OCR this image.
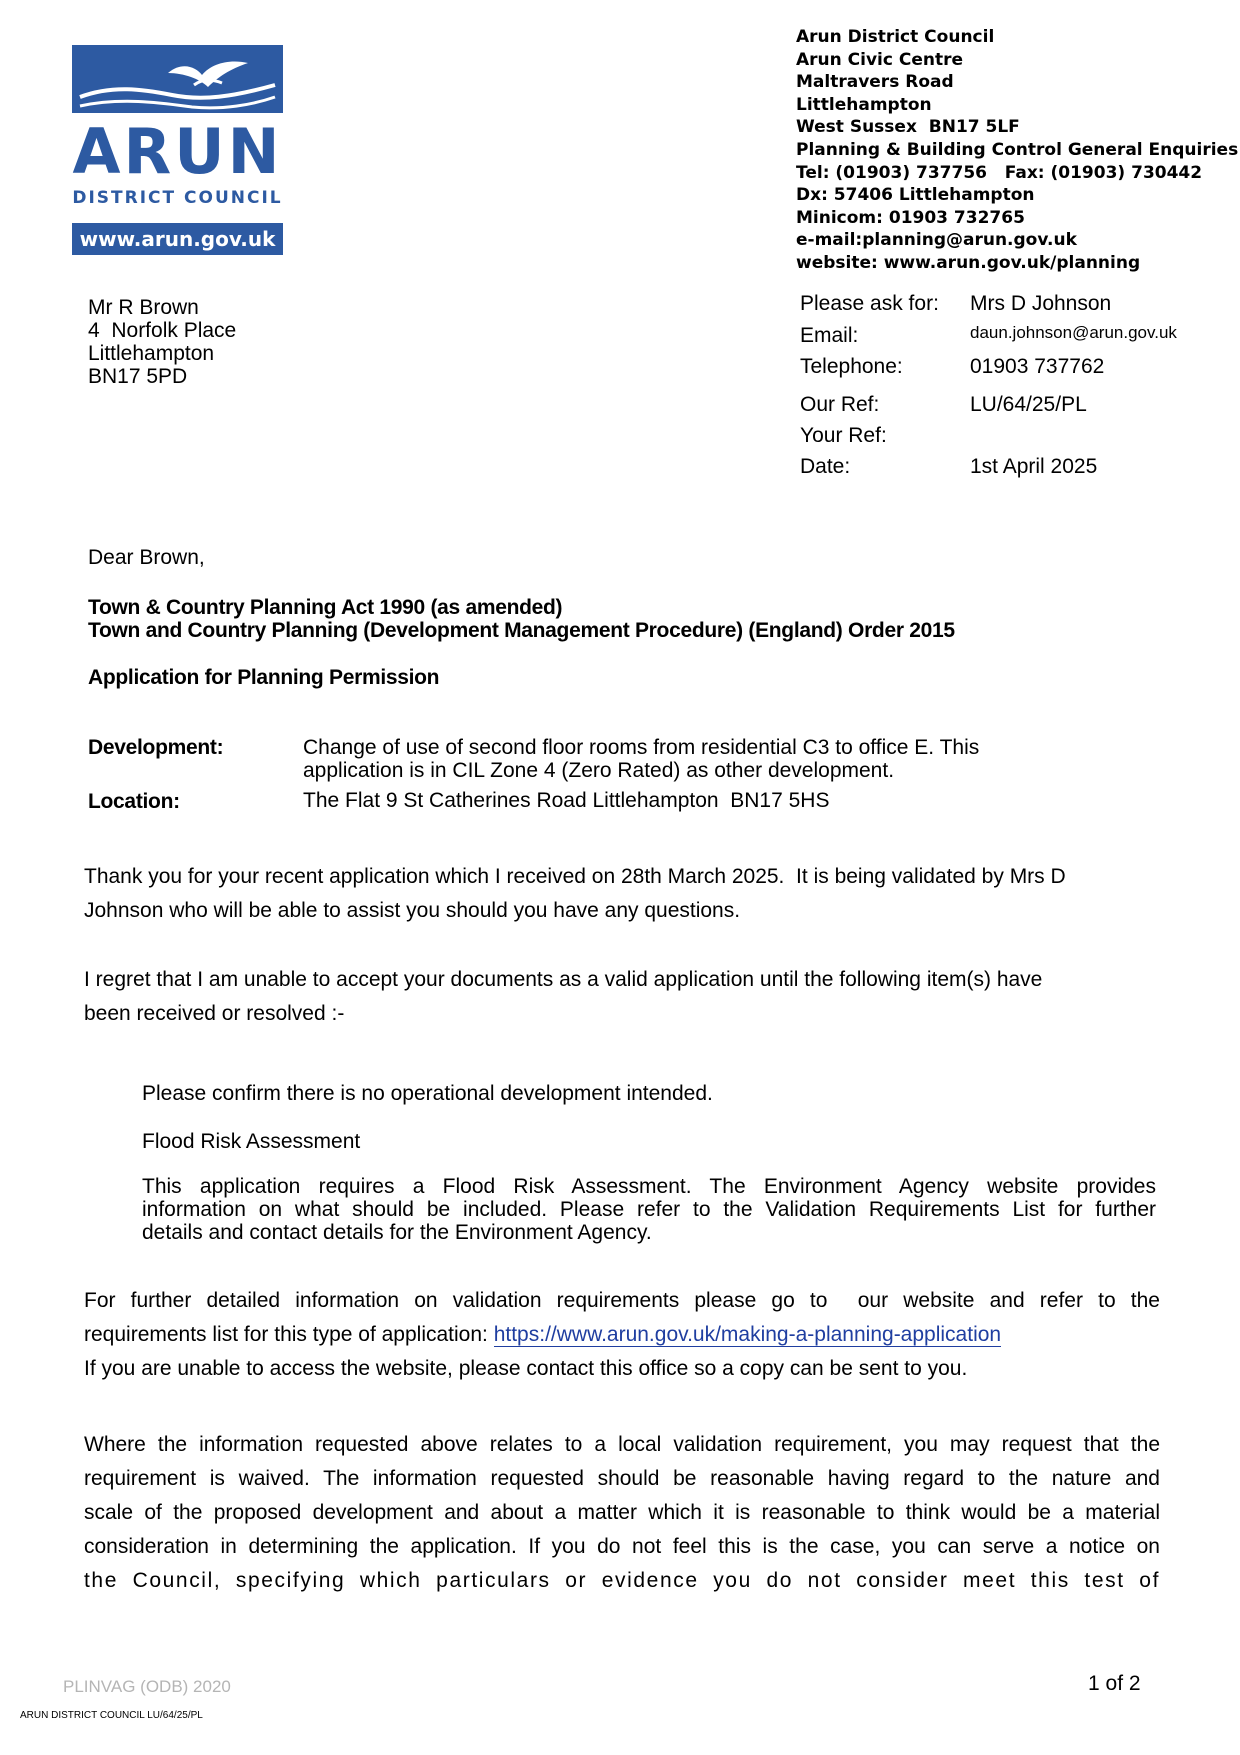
ARUN
DISTRICT COUNCIL
www.arun.gov.uk
Arun District Council
Arun Civic Centre
Maltravers Road
Littlehampton
West Sussex  BN17 5LF
Planning & Building Control General Enquiries
Tel: (01903) 737756   Fax: (01903) 730442
Dx: 57406 Littlehampton
Minicom: 01903 732765
e-mail:planning@arun.gov.uk
website: www.arun.gov.uk/planning
Mr R Brown
4  Norfolk Place
Littlehampton
BN17 5PD
Please ask for: Mrs D Johnson
Email:	daun.johnson@arun.gov.uk
Telephone:	01903 737762
Our Ref:	LU/64/25/PL
Your Ref:
Date:	1st April 2025
Dear Brown,
Town & Country Planning Act 1990 (as amended)
Town and Country Planning (Development Management Procedure) (England) Order 2015
Application for Planning Permission
Development:	Change of use of second floor rooms from residential C3 to office E. This
application is in CIL Zone 4 (Zero Rated) as other development.
Location:	The Flat 9 St Catherines Road Littlehampton  BN17 5HS
Thank you for your recent application which I received on 28th March 2025.  It is being validated by Mrs D
Johnson who will be able to assist you should you have any questions.
I regret that I am unable to accept your documents as a valid application until the following item(s) have
been received or resolved :-
Please confirm there is no operational development intended.
Flood Risk Assessment
This application requires a Flood Risk Assessment. The Environment Agency website provides
information on what should be included. Please refer to the Validation Requirements List for further
details and contact details for the Environment Agency.
For further detailed information on validation requirements please go to  our website and refer to the
requirements list for this type of application: https://www.arun.gov.uk/making-a-planning-application
If you are unable to access the website, please contact this office so a copy can be sent to you.
Where the information requested above relates to a local validation requirement, you may request that the
requirement is waived. The information requested should be reasonable having regard to the nature and
scale of the proposed development and about a matter which it is reasonable to think would be a material
consideration in determining the application. If you do not feel this is the case, you can serve a notice on
the Council, specifying which particulars or evidence you do not consider meet this test of
PLINVAG (ODB) 2020	1 of 2
ARUN DISTRICT COUNCIL LU/64/25/PL
